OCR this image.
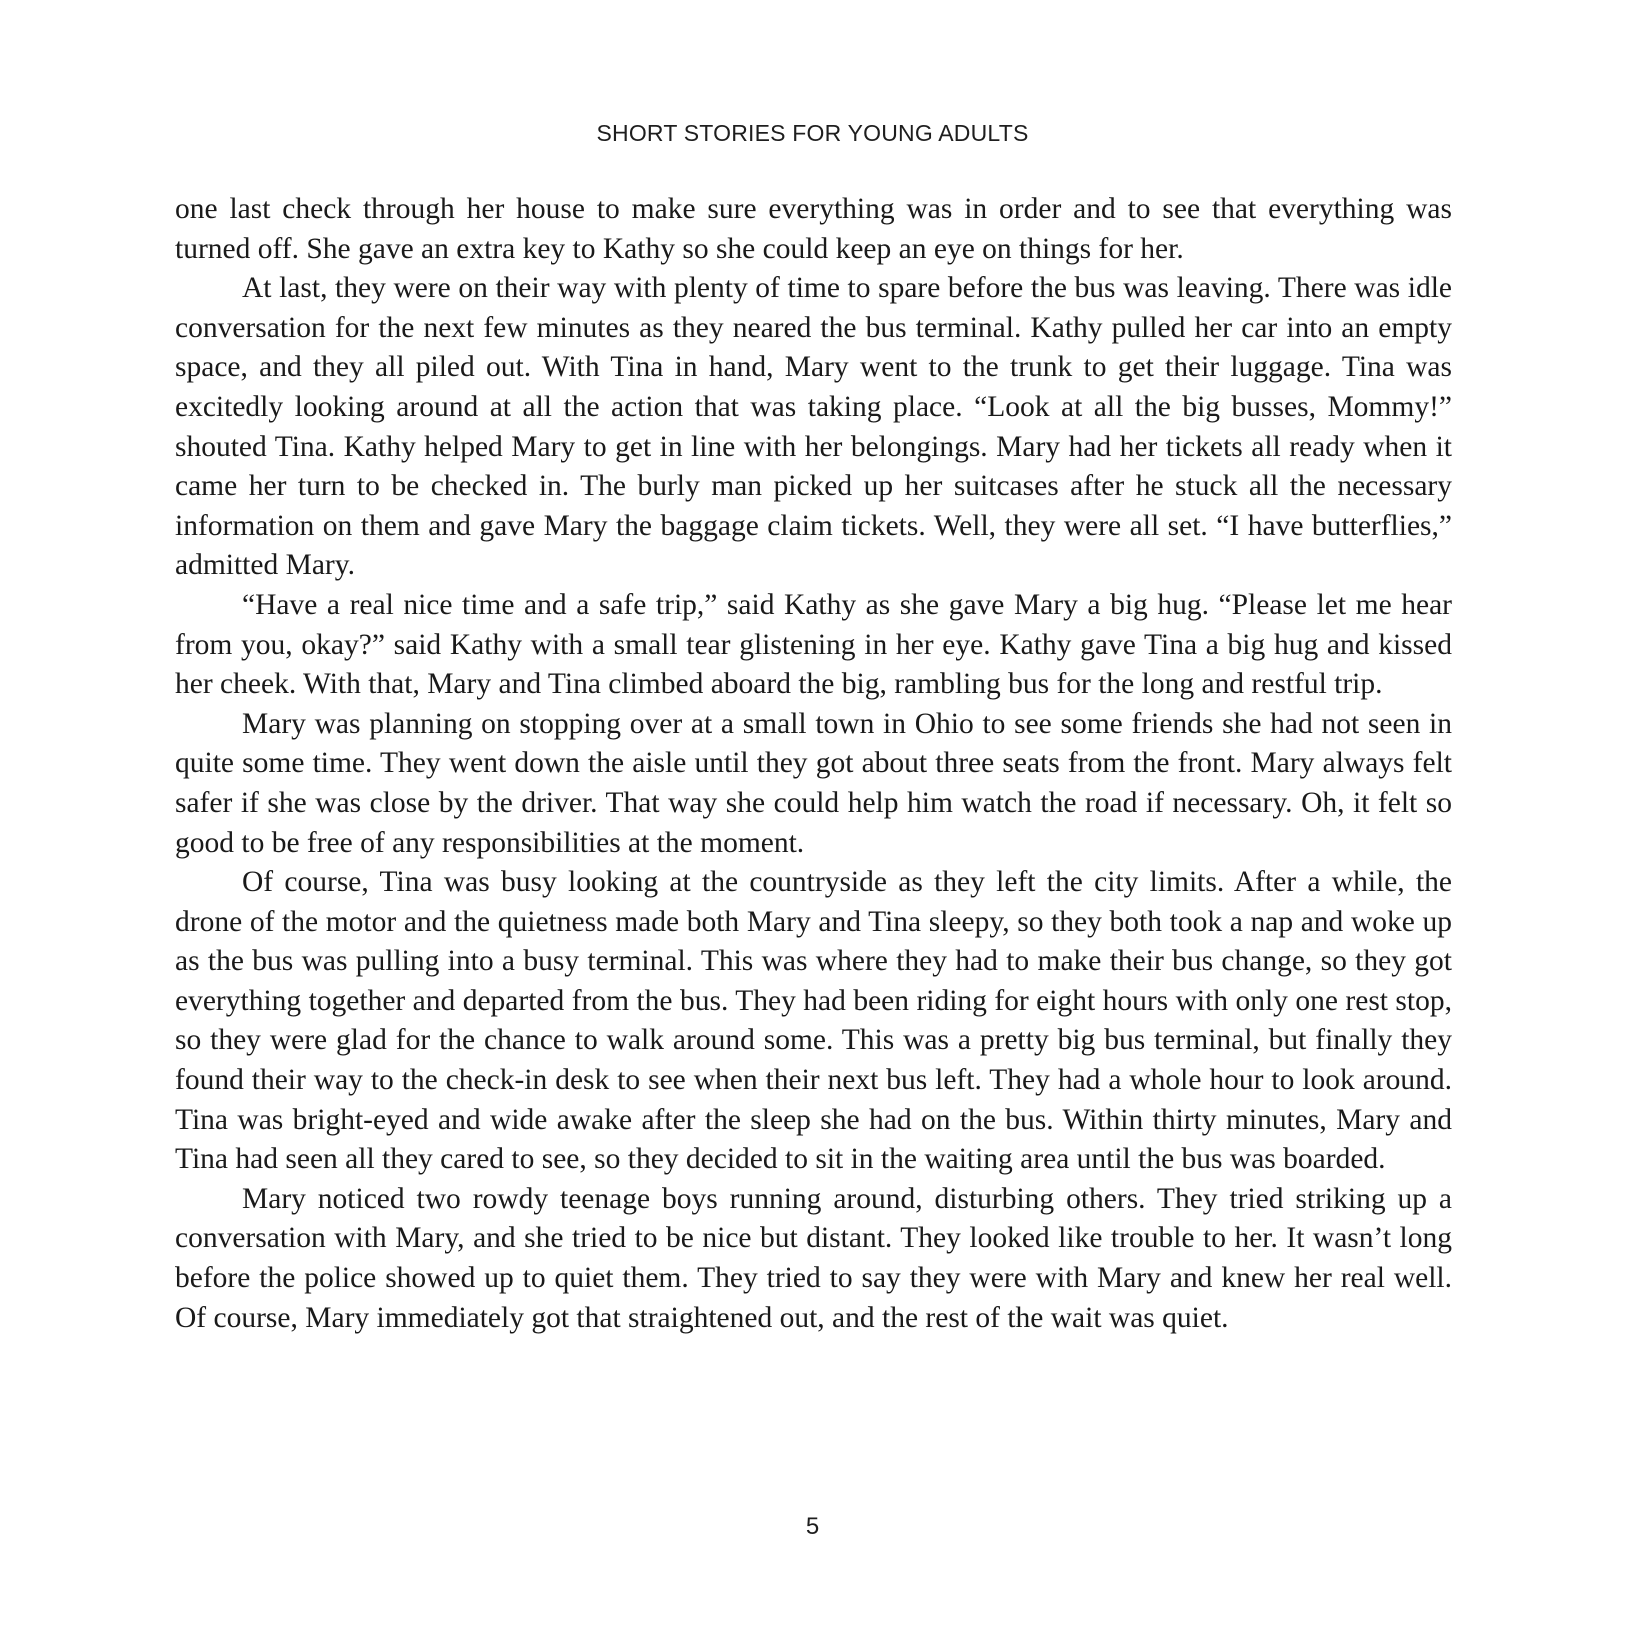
SHORT STORIES FOR YOUNG ADULTS

one last check through her house to make sure everything was in order and to see that everything was turned off. She gave an extra key to Kathy so she could keep an eye on things for her.

At last, they were on their way with plenty of time to spare before the bus was leaving. There was idle conversation for the next few minutes as they neared the bus terminal. Kathy pulled her car into an empty space, and they all piled out. With Tina in hand, Mary went to the trunk to get their luggage. Tina was excitedly looking around at all the action that was taking place. “Look at all the big busses, Mommy!” shouted Tina. Kathy helped Mary to get in line with her belongings. Mary had her tickets all ready when it came her turn to be checked in. The burly man picked up her suitcases after he stuck all the necessary information on them and gave Mary the baggage claim tickets. Well, they were all set. “I have butterflies,” admitted Mary.

“Have a real nice time and a safe trip,” said Kathy as she gave Mary a big hug. “Please let me hear from you, okay?” said Kathy with a small tear glistening in her eye. Kathy gave Tina a big hug and kissed her cheek. With that, Mary and Tina climbed aboard the big, rambling bus for the long and restful trip.

Mary was planning on stopping over at a small town in Ohio to see some friends she had not seen in quite some time. They went down the aisle until they got about three seats from the front. Mary always felt safer if she was close by the driver. That way she could help him watch the road if necessary. Oh, it felt so good to be free of any responsibilities at the moment.

Of course, Tina was busy looking at the countryside as they left the city limits. After a while, the drone of the motor and the quietness made both Mary and Tina sleepy, so they both took a nap and woke up as the bus was pulling into a busy terminal. This was where they had to make their bus change, so they got everything together and departed from the bus. They had been riding for eight hours with only one rest stop, so they were glad for the chance to walk around some. This was a pretty big bus terminal, but finally they found their way to the check-in desk to see when their next bus left. They had a whole hour to look around. Tina was bright-eyed and wide awake after the sleep she had on the bus. Within thirty minutes, Mary and Tina had seen all they cared to see, so they decided to sit in the waiting area until the bus was boarded.

Mary noticed two rowdy teenage boys running around, disturbing others. They tried striking up a conversation with Mary, and she tried to be nice but distant. They looked like trouble to her. It wasn’t long before the police showed up to quiet them. They tried to say they were with Mary and knew her real well. Of course, Mary immediately got that straightened out, and the rest of the wait was quiet.

5
